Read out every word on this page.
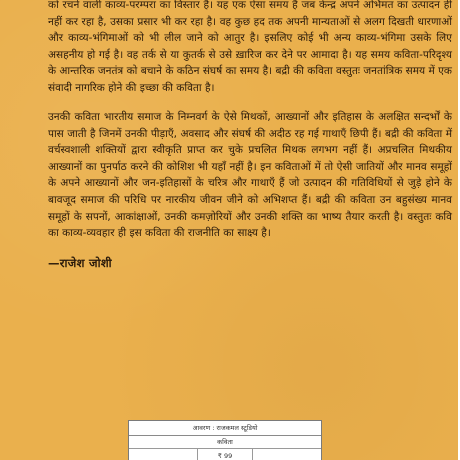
को रचने वाली काव्य-परम्परा का विस्तार है। यह एक ऐसा समय है जब केन्द्र अपने अभिमत का उत्पादन ही नहीं कर रहा है, उसका प्रसार भी कर रहा है। वह कुछ हद तक अपनी मान्यताओं से अलग दिखती धारणाओं और काव्य-भंगिमाओं को भी लील जाने को आतुर है। इसलिए कोई भी अन्य काव्य-भंगिमा उसके लिए असहनीय हो गई है। वह तर्क से या कुतर्क से उसे ख़ारिज कर देने पर आमादा है। यह समय कविता-परिदृश्य के आन्तरिक जनतंत्र को बचाने के कठिन संघर्ष का समय है। बद्री की कविता वस्तुतः जनतांत्रिक समय में एक संवादी नागरिक होने की इच्छा की कविता है।

उनकी कविता भारतीय समाज के निम्नवर्ग के ऐसे मिथकों, आख्यानों और इतिहास के अलक्षित सन्दर्भों के पास जाती है जिनमें उनकी पीड़ाएँ, अवसाद और संघर्ष की अदीठ रह गई गाथाएँ छिपी हैं। बद्री की कविता में वर्चस्वशाली शक्तियों द्वारा स्वीकृति प्राप्त कर चुके प्रचलित मिथक लगभग नहीं हैं। अप्रचलित मिथकीय आख्यानों का पुनर्पाठ करने की कोशिश भी यहाँ नहीं है। इन कविताओं में तो ऐसी जातियों और मानव समूहों के अपने आख्यानों और जन-इतिहासों के चरित्र और गाथाएँ हैं जो उत्पादन की गतिविधियों से जुड़े होने के बावजूद समाज की परिधि पर नारकीय जीवन जीने को अभिशप्त हैं। बद्री की कविता उन बहुसंख्य मानव समूहों के सपनों, आकांक्षाओं, उनकी कमज़ोरियों और उनकी शक्ति का भाष्य तैयार करती है। वस्तुतः कवि का काव्य-व्यवहार ही इस कविता की राजनीति का साक्ष्य है।

—राजेश जोशी
आवरण : राजकमल स्टूडियो
कविता
₹ 99
